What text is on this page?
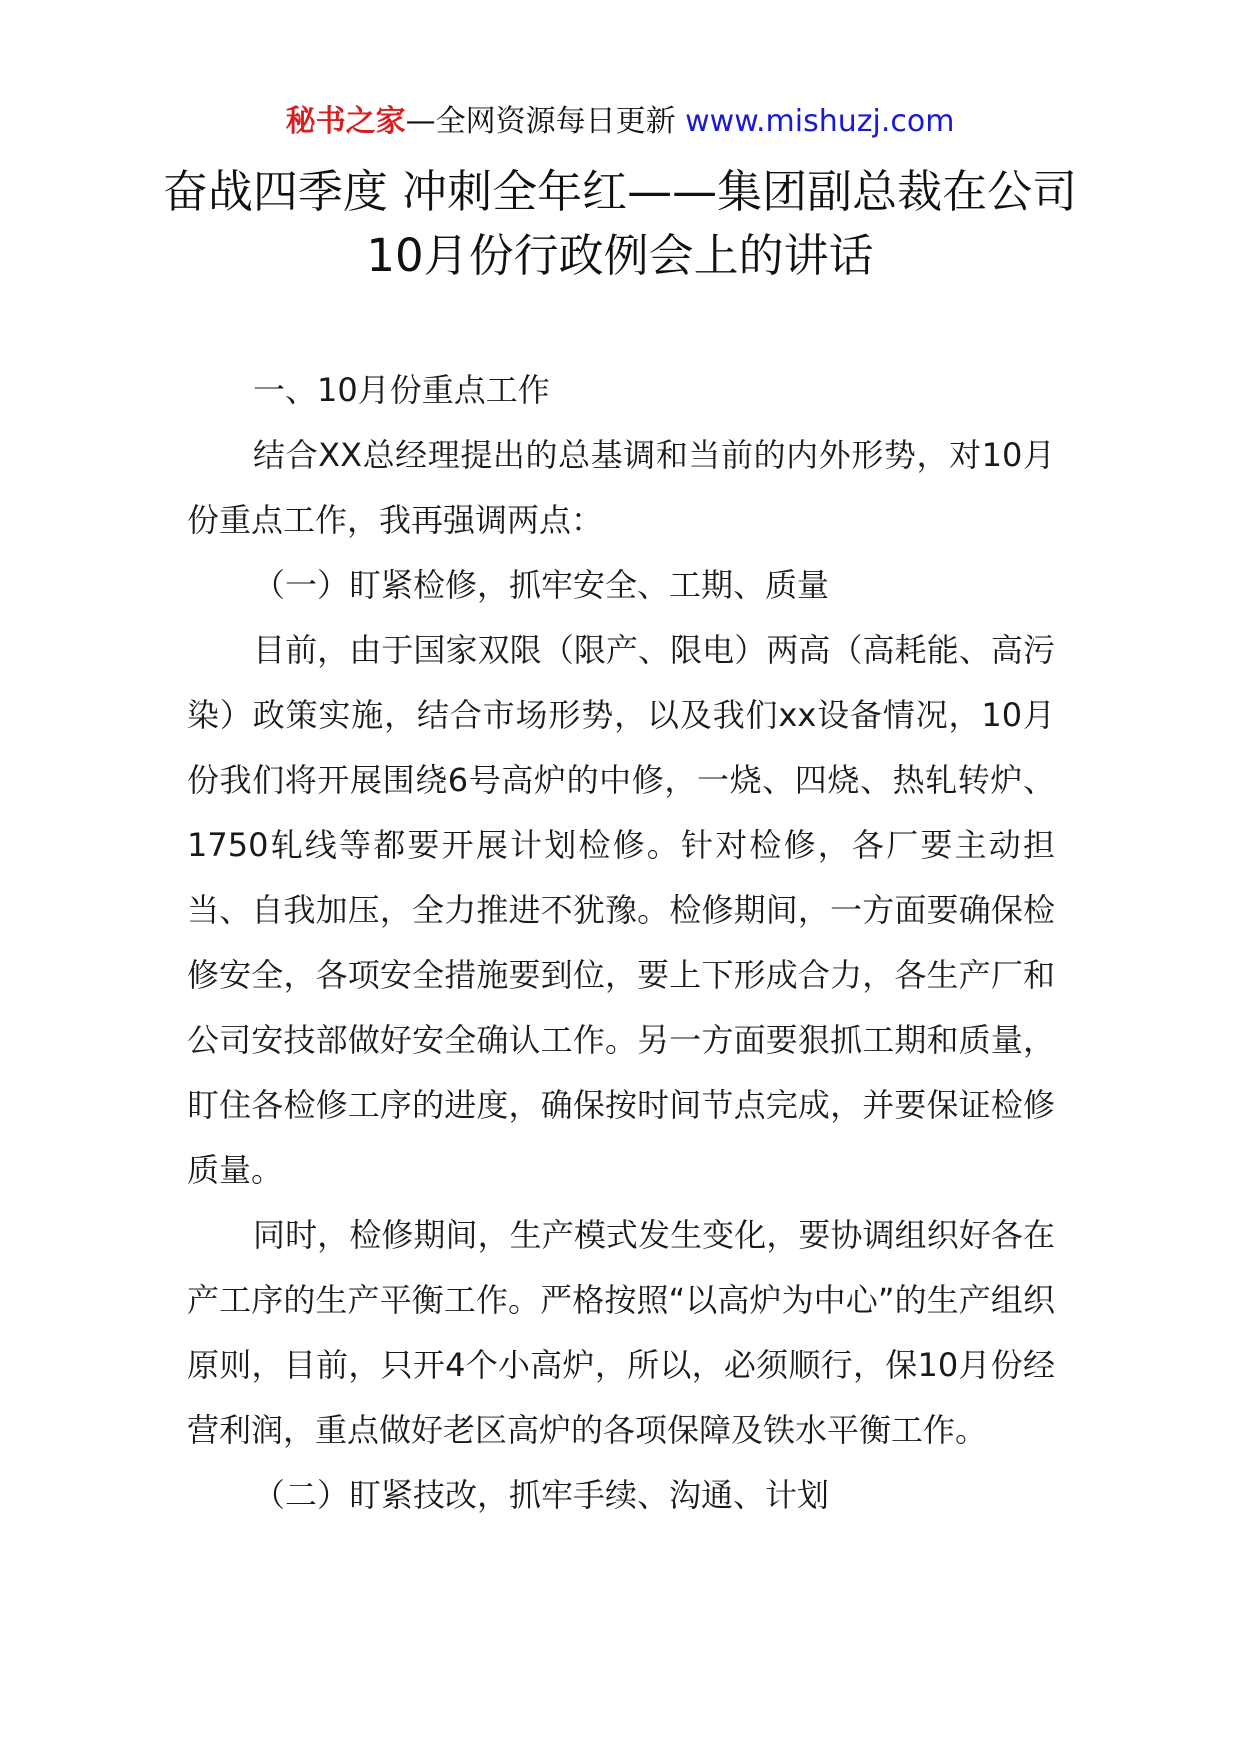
秘书之家—全网资源每日更新 www.mishuzj.com
奋战四季度 冲刺全年红——集团副总裁在公司10月份行政例会上的讲话

一、10月份重点工作

结合XX总经理提出的总基调和当前的内外形势，对10月份重点工作，我再强调两点：

（一）盯紧检修，抓牢安全、工期、质量

目前，由于国家双限（限产、限电）两高（高耗能、高污染）政策实施，结合市场形势，以及我们xx设备情况，10月份我们将开展围绕6号高炉的中修，一烧、四烧、热轧转炉、1750轧线等都要开展计划检修。针对检修，各厂要主动担当、自我加压，全力推进不犹豫。检修期间，一方面要确保检修安全，各项安全措施要到位，要上下形成合力，各生产厂和公司安技部做好安全确认工作。另一方面要狠抓工期和质量，盯住各检修工序的进度，确保按时间节点完成，并要保证检修质量。

同时，检修期间，生产模式发生变化，要协调组织好各在产工序的生产平衡工作。严格按照“以高炉为中心”的生产组织原则，目前，只开4个小高炉，所以，必须顺行，保10月份经营利润，重点做好老区高炉的各项保障及铁水平衡工作。

（二）盯紧技改，抓牢手续、沟通、计划
